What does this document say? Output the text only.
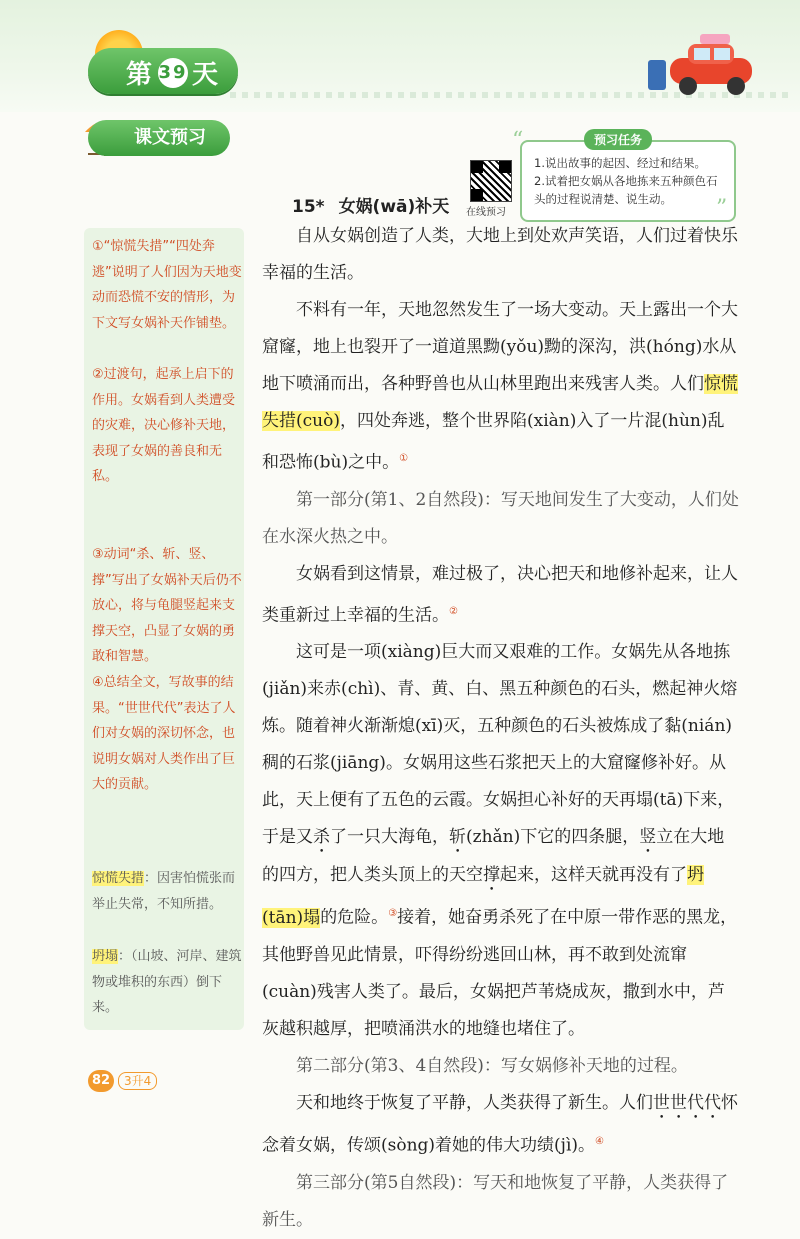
第 39 天
课文预习
在线预习
预习任务
1.说出故事的起因、经过和结果。
2.试着把女娲从各地拣来五种颜色石头的过程说清楚、说生动。
“
”
15* 女娲(wā)补天
①“惊慌失措”“四处奔逃”说明了人们因为天地变动而恐慌不安的情形，为下文写女娲补天作铺垫。
②过渡句，起承上启下的作用。女娲看到人类遭受的灾难，决心修补天地，表现了女娲的善良和无私。
③动词“杀、斩、竖、撑”写出了女娲补天后仍不放心，将与龟腿竖起来支撑天空，凸显了女娲的勇敢和智慧。
④总结全文，写故事的结果。“世世代代”表达了人们对女娲的深切怀念，也说明女娲对人类作出了巨大的贡献。
惊慌失措：因害怕慌张而举止失常，不知所措。
坍塌：（山坡、河岸、建筑物或堆积的东西）倒下来。

自从女娲创造了人类，大地上到处欢声笑语，人们过着快乐幸福的生活。

不料有一年，天地忽然发生了一场大变动。天上露出一个大窟窿，地上也裂开了一道道黑黝(yǒu)黝的深沟，洪(hóng)水从地下喷涌而出，各种野兽也从山林里跑出来残害人类。人们惊慌失措(cuò)，四处奔逃，整个世界陷(xiàn)入了一片混(hùn)乱和恐怖(bù)之中。①

第一部分(第1、2自然段)：写天地间发生了大变动，人们处在水深火热之中。

女娲看到这情景，难过极了，决心把天和地修补起来，让人类重新过上幸福的生活。②

这可是一项(xiàng)巨大而又艰难的工作。女娲先从各地拣(jiǎn)来赤(chì)、青、黄、白、黑五种颜色的石头，燃起神火熔炼。随着神火渐渐熄(xī)灭，五种颜色的石头被炼成了黏(nián)稠的石浆(jiāng)。女娲用这些石浆把天上的大窟窿修补好。从此，天上便有了五色的云霞。女娲担心补好的天再塌(tā)下来，于是又杀了一只大海龟，斩(zhǎn)下它的四条腿，竖立在大地的四方，把人类头顶上的天空撑起来，这样天就再没有了坍(tān)塌的危险。③接着，她奋勇杀死了在中原一带作恶的黑龙，其他野兽见此情景，吓得纷纷逃回山林，再不敢到处流窜(cuàn)残害人类了。最后，女娲把芦苇烧成灰，撒到水中，芦灰越积越厚，把喷涌洪水的地缝也堵住了。

第二部分(第3、4自然段)：写女娲修补天地的过程。

天和地终于恢复了平静，人类获得了新生。人们世世代代怀念着女娲，传颂(sòng)着她的伟大功绩(jì)。④

第三部分(第5自然段)：写天和地恢复了平静，人类获得了新生。

82	3升4
